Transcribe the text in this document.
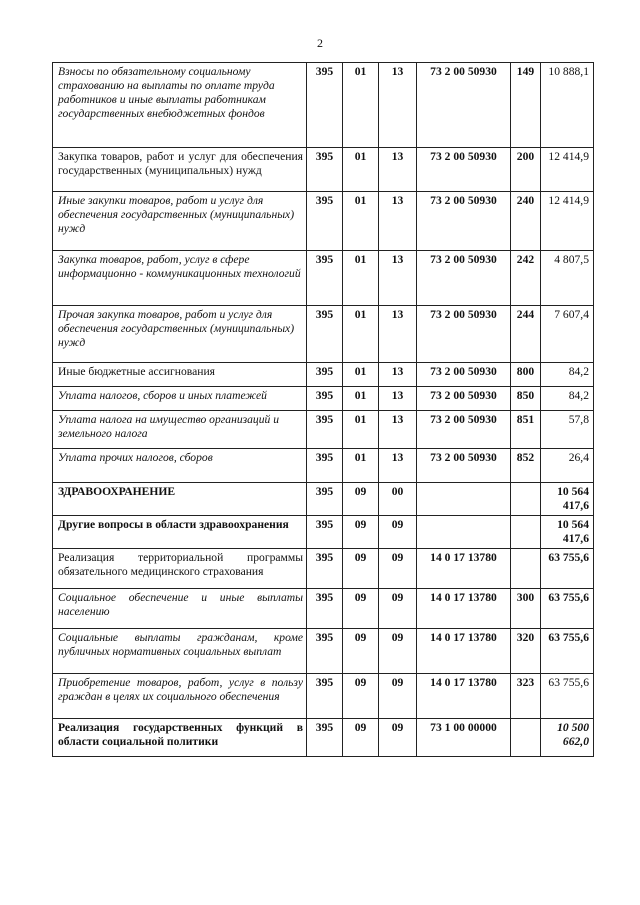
2
Взносы по обязательному социальному страхованию на выплаты по оплате труда работников и иные выплаты работникам государственных внебюджетных фондов	395	01	13	73 2 00 50930	149	10 888,1
Закупка товаров, работ и услуг для обеспечения государственных (муниципальных) нужд	395	01	13	73 2 00 50930	200	12 414,9
Иные закупки товаров, работ и услуг для обеспечения государственных (муниципальных) нужд	395	01	13	73 2 00 50930	240	12 414,9
Закупка товаров, работ, услуг в сфере информационно - коммуникационных технологий	395	01	13	73 2 00 50930	242	4 807,5
Прочая закупка товаров, работ и услуг для обеспечения государственных (муниципальных) нужд	395	01	13	73 2 00 50930	244	7 607,4
Иные бюджетные ассигнования	395	01	13	73 2 00 50930	800	84,2
Уплата налогов, сборов и иных платежей	395	01	13	73 2 00 50930	850	84,2
Уплата налога на имущество организаций и земельного налога	395	01	13	73 2 00 50930	851	57,8
Уплата прочих налогов, сборов	395	01	13	73 2 00 50930	852	26,4
ЗДРАВООХРАНЕНИЕ	395	09	00			10 564 417,6
Другие вопросы в области здравоохранения	395	09	09			10 564 417,6
Реализация территориальной программы обязательного медицинского страхования	395	09	09	14 0 17 13780		63 755,6
Социальное обеспечение и иные выплаты населению	395	09	09	14 0 17 13780	300	63 755,6
Социальные выплаты гражданам, кроме публичных нормативных социальных выплат	395	09	09	14 0 17 13780	320	63 755,6
Приобретение товаров, работ, услуг в пользу граждан в целях их социального обеспечения	395	09	09	14 0 17 13780	323	63 755,6
Реализация государственных функций в области социальной политики	395	09	09	73 1 00 00000		10 500 662,0
